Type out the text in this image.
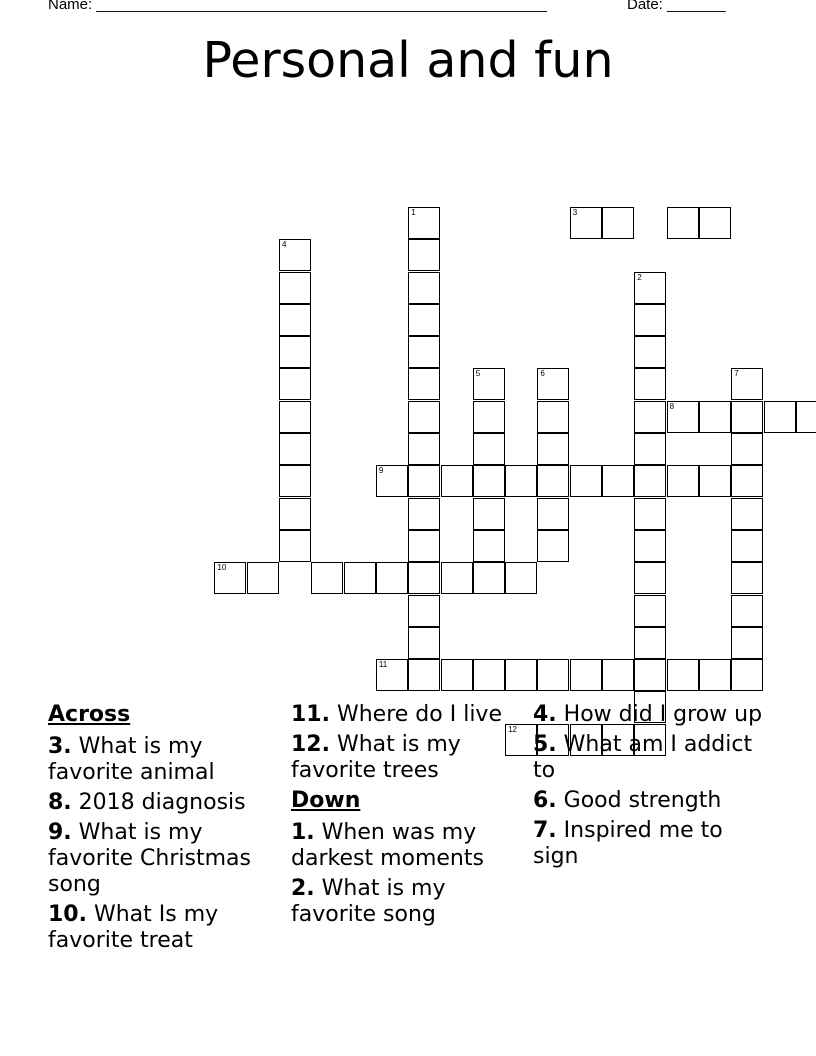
Name: ______________________________________________________	Date: _______
Personal and fun
1
4
2
3
7
5	6
8
9
10
11
12
Across
3. What is my favorite animal
8. 2018 diagnosis
9. What is my favorite Christmas song
10. What Is my favorite treat
11. Where do I live
12. What is my favorite trees
Down
1. When was my darkest moments
2. What is my favorite song
4. How did I grow up
5. What am I addict to
6. Good strength
7. Inspired me to sign
